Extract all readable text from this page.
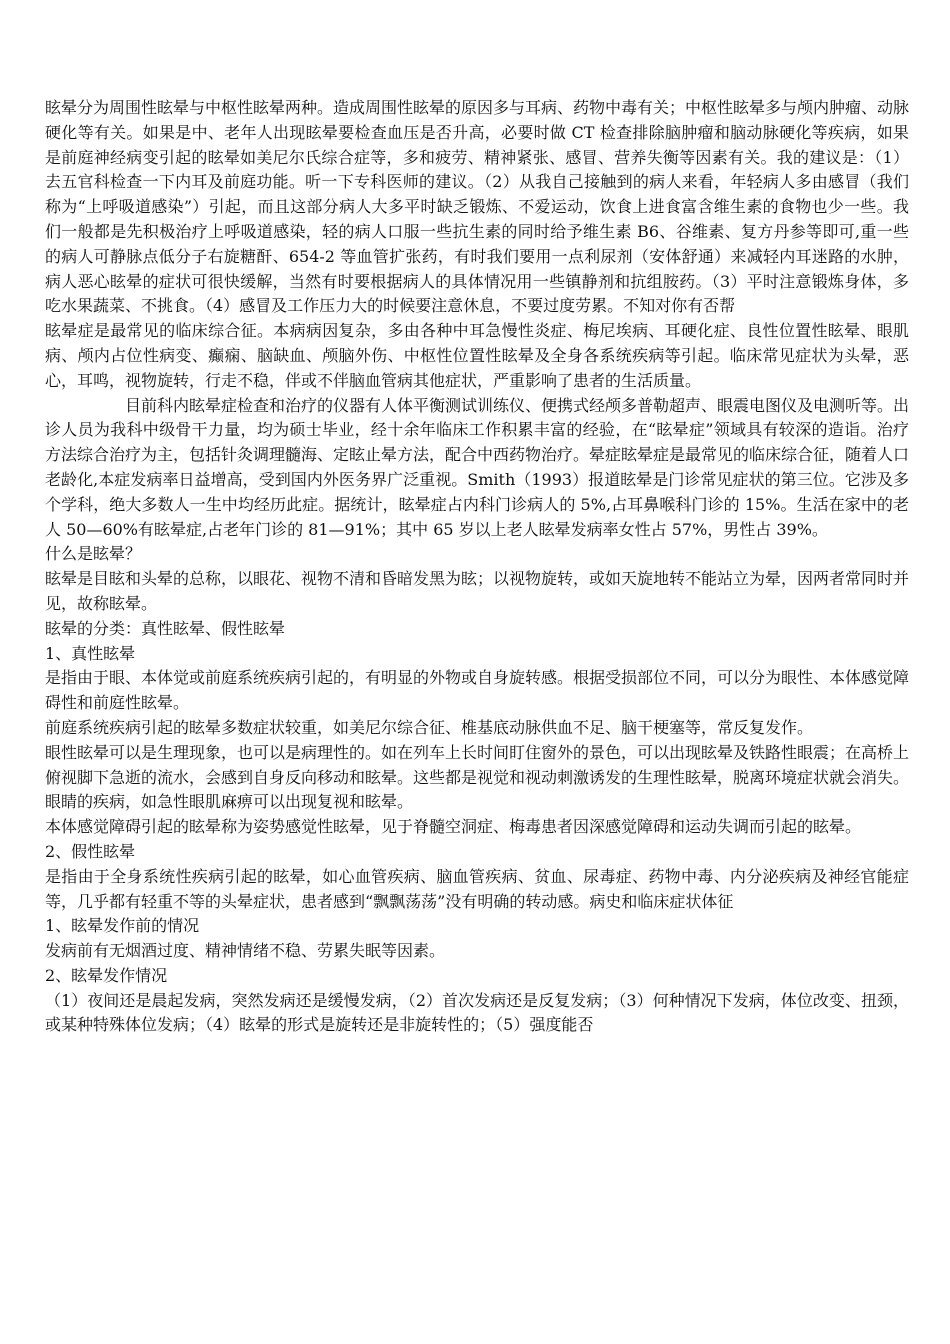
眩晕分为周围性眩晕与中枢性眩晕两种。造成周围性眩晕的原因多与耳病、药物中毒有关；中枢性眩晕多与颅内肿瘤、动脉硬化等有关。如果是中、老年人出现眩晕要检查血压是否升高，必要时做 CT 检查排除脑肿瘤和脑动脉硬化等疾病，如果是前庭神经病变引起的眩晕如美尼尔氏综合症等，多和疲劳、精神紧张、感冒、营养失衡等因素有关。我的建议是：（1）去五官科检查一下内耳及前庭功能。听一下专科医师的建议。（2）从我自己接触到的病人来看，年轻病人多由感冒（我们称为“上呼吸道感染”）引起，而且这部分病人大多平时缺乏锻炼、不爱运动，饮食上进食富含维生素的食物也少一些。我们一般都是先积极治疗上呼吸道感染，轻的病人口服一些抗生素的同时给予维生素 B6、谷维素、复方丹参等即可,重一些的病人可静脉点低分子右旋糖酐、654-2 等血管扩张药，有时我们要用一点利尿剂（安体舒通）来减轻内耳迷路的水肿，病人恶心眩晕的症状可很快缓解，当然有时要根据病人的具体情况用一些镇静剂和抗组胺药。（3）平时注意锻炼身体，多吃水果蔬菜、不挑食。（4）感冒及工作压力大的时候要注意休息，不要过度劳累。不知对你有否帮

眩晕症是最常见的临床综合征。本病病因复杂，多由各种中耳急慢性炎症、梅尼埃病、耳硬化症、良性位置性眩晕、眼肌病、颅内占位性病变、癫痫、脑缺血、颅脑外伤、中枢性位置性眩晕及全身各系统疾病等引起。临床常见症状为头晕，恶心，耳鸣，视物旋转，行走不稳，伴或不伴脑血管病其他症状，严重影响了患者的生活质量。

目前科内眩晕症检查和治疗的仪器有人体平衡测试训练仪、便携式经颅多普勒超声、眼震电图仪及电测听等。出诊人员为我科中级骨干力量，均为硕士毕业，经十余年临床工作积累丰富的经验，在“眩晕症”领域具有较深的造诣。治疗方法综合治疗为主，包括针灸调理髓海、定眩止晕方法，配合中西药物治疗。晕症眩晕症是最常见的临床综合征，随着人口老龄化,本症发病率日益增高，受到国内外医务界广泛重视。Smith（1993）报道眩晕是门诊常见症状的第三位。它涉及多个学科，绝大多数人一生中均经历此症。据统计，眩晕症占内科门诊病人的 5%,占耳鼻喉科门诊的 15%。生活在家中的老人 50—60%有眩晕症,占老年门诊的 81—91%；其中 65 岁以上老人眩晕发病率女性占 57%，男性占 39%。

什么是眩晕？

眩晕是目眩和头晕的总称，以眼花、视物不清和昏暗发黑为眩；以视物旋转，或如天旋地转不能站立为晕，因两者常同时并见，故称眩晕。

眩晕的分类：真性眩晕、假性眩晕

1、真性眩晕

是指由于眼、本体觉或前庭系统疾病引起的，有明显的外物或自身旋转感。根据受损部位不同，可以分为眼性、本体感觉障碍性和前庭性眩晕。

前庭系统疾病引起的眩晕多数症状较重，如美尼尔综合征、椎基底动脉供血不足、脑干梗塞等，常反复发作。

眼性眩晕可以是生理现象，也可以是病理性的。如在列车上长时间盯住窗外的景色，可以出现眩晕及铁路性眼震；在高桥上俯视脚下急逝的流水，会感到自身反向移动和眩晕。这些都是视觉和视动刺激诱发的生理性眩晕，脱离环境症状就会消失。眼睛的疾病，如急性眼肌麻痹可以出现复视和眩晕。

本体感觉障碍引起的眩晕称为姿势感觉性眩晕，见于脊髓空洞症、梅毒患者因深感觉障碍和运动失调而引起的眩晕。

2、假性眩晕

是指由于全身系统性疾病引起的眩晕，如心血管疾病、脑血管疾病、贫血、尿毒症、药物中毒、内分泌疾病及神经官能症等，几乎都有轻重不等的头晕症状，患者感到“飘飘荡荡”没有明确的转动感。病史和临床症状体征

1、眩晕发作前的情况

发病前有无烟酒过度、精神情绪不稳、劳累失眠等因素。

2、眩晕发作情况

（1）夜间还是晨起发病，突然发病还是缓慢发病，（2）首次发病还是反复发病；（3）何种情况下发病，体位改变、扭颈，或某种特殊体位发病；（4）眩晕的形式是旋转还是非旋转性的；（5）强度能否
